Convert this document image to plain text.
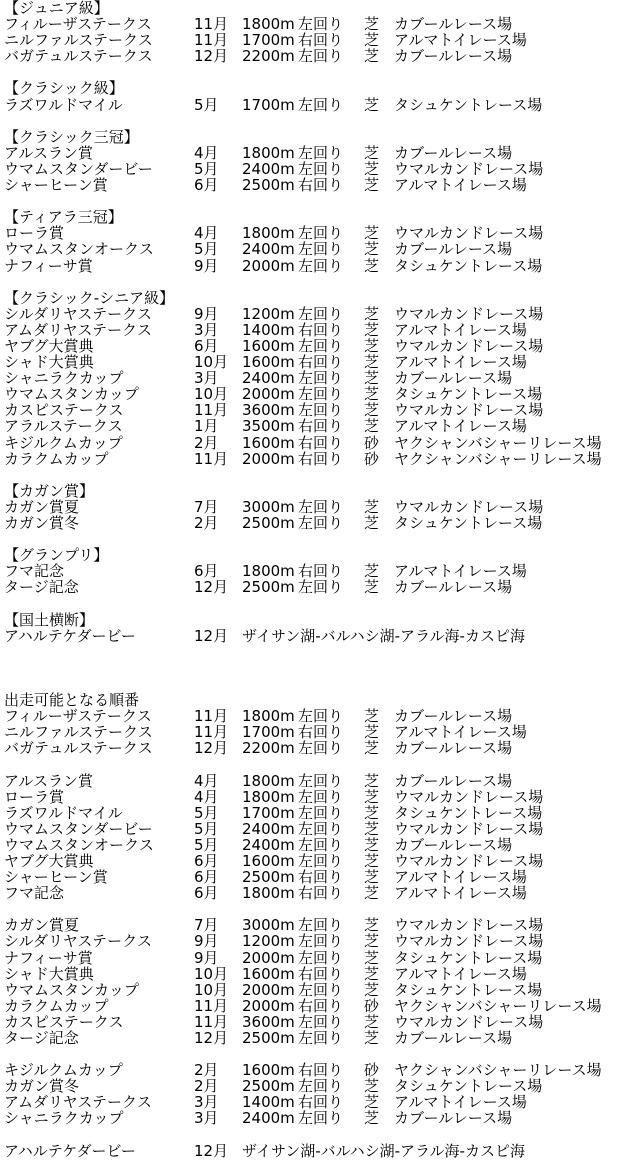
【ジュニア級】
フィルーザステークス	11月 1800m 左回り 芝 カブールレース場
ニルファルステークス	11月 1700m 右回り 芝 アルマトイレース場
バガテュルステークス	12月 2200m 左回り 芝 カブールレース場
【クラシック級】
ラズワルドマイル	5月 1700m 左回り 芝 タシュケントレース場
【クラシック三冠】
アルスラン賞	4月 1800m 左回り 芝 カブールレース場
ウマムスタンダービー	5月 2400m 左回り 芝 ウマルカンドレース場
シャーヒーン賞	6月 2500m 右回り 芝 アルマトイレース場
【ティアラ三冠】
ローラ賞	4月 1800m 左回り 芝 ウマルカンドレース場
ウマムスタンオークス	5月 2400m 左回り 芝 カブールレース場
ナフィーサ賞	9月 2000m 左回り 芝 タシュケントレース場
【クラシック-シニア級】
シルダリヤステークス	9月 1200m 左回り 芝 ウマルカンドレース場
アムダリヤステークス	3月 1400m 右回り 芝 アルマトイレース場
ヤブグ大賞典	6月 1600m 左回り 芝 ウマルカンドレース場
シャド大賞典	10月 1600m 右回り 芝 アルマトイレース場
シャニラクカップ	3月 2400m 左回り 芝 カブールレース場
ウマムスタンカップ	10月 2000m 左回り 芝 タシュケントレース場
カスピステークス	11月 3600m 左回り 芝 ウマルカンドレース場
アラルステークス	1月 3500m 右回り 芝 アルマトイレース場
キジルクムカップ	2月 1600m 右回り 砂 ヤクシャンバシャーリレース場
カラクムカップ	11月 2000m 右回り 砂 ヤクシャンバシャーリレース場
【カガン賞】
カガン賞夏	7月 3000m 左回り 芝 ウマルカンドレース場
カガン賞冬	2月 2500m 左回り 芝 タシュケントレース場
【グランプリ】
フマ記念	6月 1800m 右回り 芝 アルマトイレース場
タージ記念	12月 2500m 左回り 芝 カブールレース場
【国土横断】
アハルテケダービー	12月 ザイサン湖-バルハシ湖-アラル海-カスピ海
出走可能となる順番
フィルーザステークス	11月 1800m 左回り 芝 カブールレース場
ニルファルステークス	11月 1700m 右回り 芝 アルマトイレース場
バガテュルステークス	12月 2200m 左回り 芝 カブールレース場
アルスラン賞	4月 1800m 左回り 芝 カブールレース場
ローラ賞	4月 1800m 左回り 芝 ウマルカンドレース場
ラズワルドマイル	5月 1700m 左回り 芝 タシュケントレース場
ウマムスタンダービー	5月 2400m 左回り 芝 ウマルカンドレース場
ウマムスタンオークス	5月 2400m 左回り 芝 カブールレース場
ヤブグ大賞典	6月 1600m 左回り 芝 ウマルカンドレース場
シャーヒーン賞	6月 2500m 右回り 芝 アルマトイレース場
フマ記念	6月 1800m 右回り 芝 アルマトイレース場
カガン賞夏	7月 3000m 左回り 芝 ウマルカンドレース場
シルダリヤステークス	9月 1200m 左回り 芝 ウマルカンドレース場
ナフィーサ賞	9月 2000m 左回り 芝 タシュケントレース場
シャド大賞典	10月 1600m 右回り 芝 アルマトイレース場
ウマムスタンカップ	10月 2000m 左回り 芝 タシュケントレース場
カラクムカップ	11月 2000m 右回り 砂 ヤクシャンバシャーリレース場
カスピステークス	11月 3600m 左回り 芝 ウマルカンドレース場
タージ記念	12月 2500m 左回り 芝 カブールレース場
キジルクムカップ	2月 1600m 右回り 砂 ヤクシャンバシャーリレース場
カガン賞冬	2月 2500m 左回り 芝 タシュケントレース場
アムダリヤステークス	3月 1400m 右回り 芝 アルマトイレース場
シャニラクカップ	3月 2400m 左回り 芝 カブールレース場
アハルテケダービー	12月 ザイサン湖-バルハシ湖-アラル海-カスピ海
